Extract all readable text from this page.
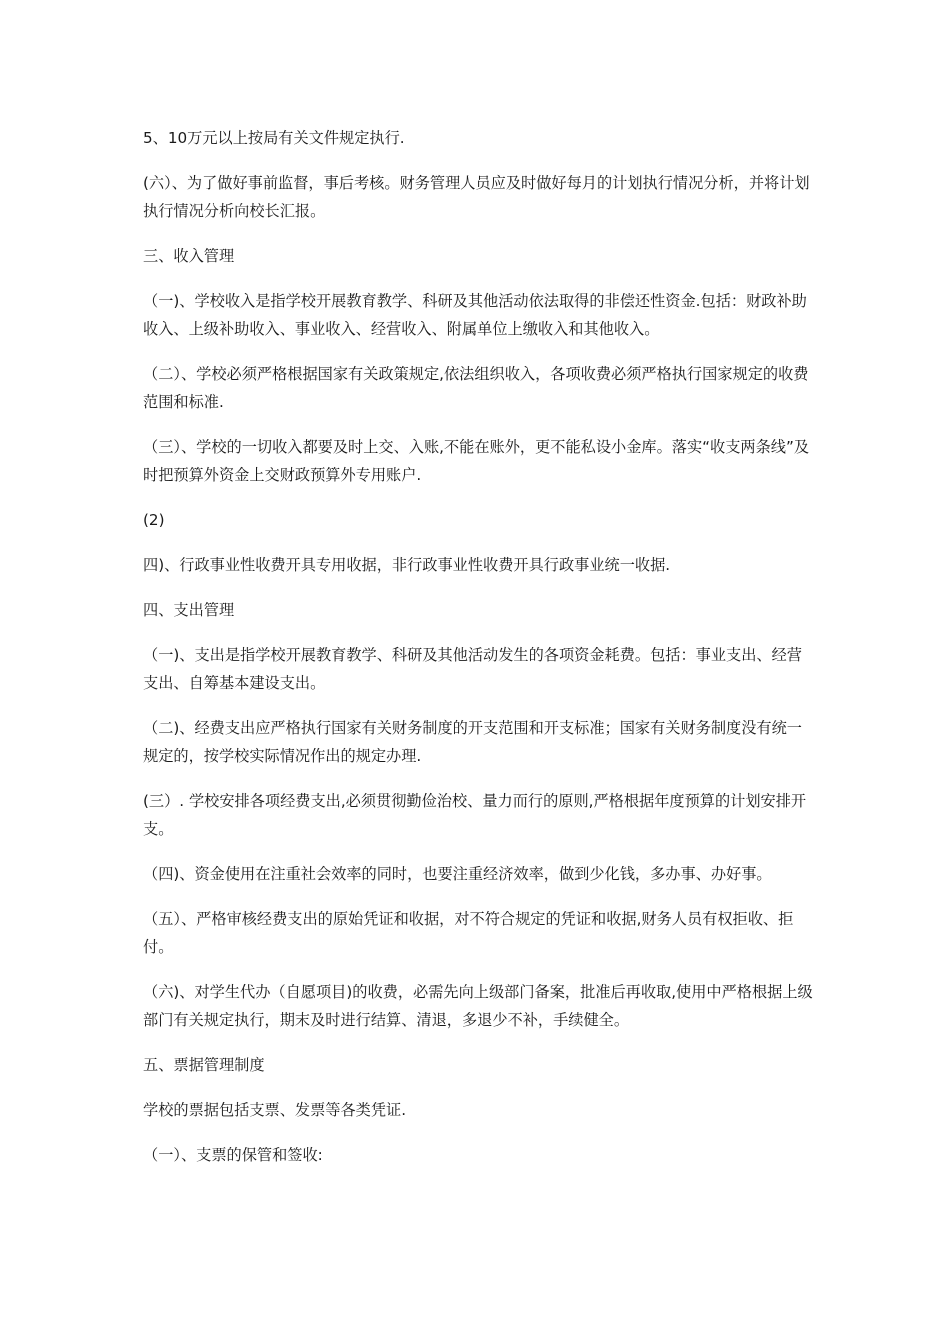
5、10万元以上按局有关文件规定执行.

(六）、为了做好事前监督，事后考核。财务管理人员应及时做好每月的计划执行情况分析，并将计划执行情况分析向校长汇报。

三、收入管理

（一)、学校收入是指学校开展教育教学、科研及其他活动依法取得的非偿还性资金.包括：财政补助收入、上级补助收入、事业收入、经营收入、附属单位上缴收入和其他收入。

（二）、学校必须严格根据国家有关政策规定,依法组织收入，各项收费必须严格执行国家规定的收费范围和标准.

（三）、学校的一切收入都要及时上交、入账,不能在账外，更不能私设小金库。落实“收支两条线”及时把预算外资金上交财政预算外专用账户.

(2)

四)、行政事业性收费开具专用收据，非行政事业性收费开具行政事业统一收据.

四、支出管理

（一)、支出是指学校开展教育教学、科研及其他活动发生的各项资金耗费。包括：事业支出、经营支出、自筹基本建设支出。

（二)、经费支出应严格执行国家有关财务制度的开支范围和开支标准；国家有关财务制度没有统一规定的，按学校实际情况作出的规定办理.

(三）. 学校安排各项经费支出,必须贯彻勤俭治校、量力而行的原则,严格根据年度预算的计划安排开支。

（四)、资金使用在注重社会效率的同时，也要注重经济效率，做到少化钱，多办事、办好事。

（五）、严格审核经费支出的原始凭证和收据，对不符合规定的凭证和收据,财务人员有权拒收、拒付。

（六)、对学生代办（自愿项目)的收费，必需先向上级部门备案，批准后再收取,使用中严格根据上级部门有关规定执行，期末及时进行结算、清退，多退少不补，手续健全。

五、票据管理制度

学校的票据包括支票、发票等各类凭证.

（一）、支票的保管和签收:
